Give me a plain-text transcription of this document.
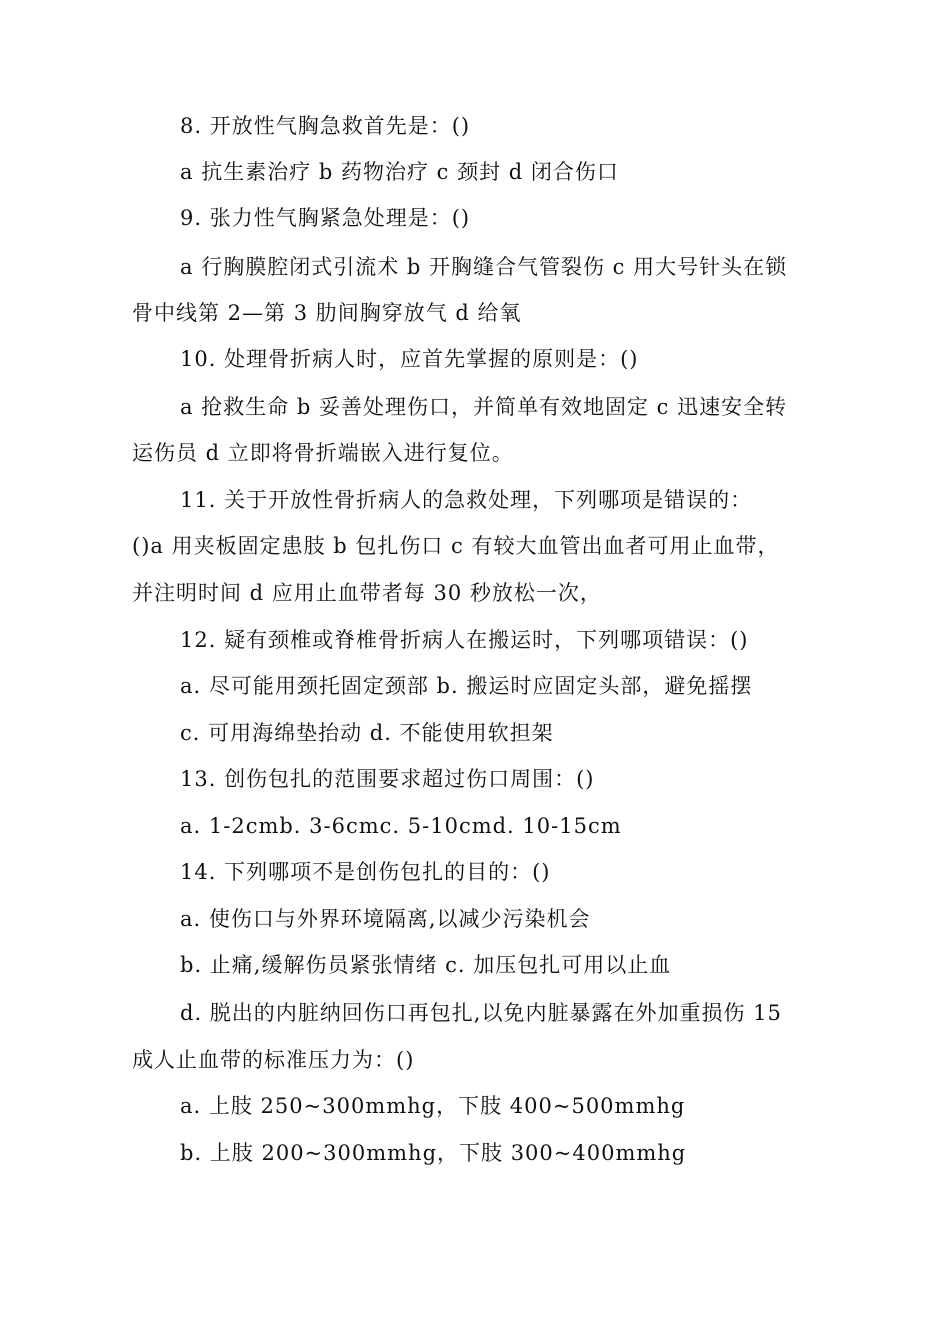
8. 开放性气胸急救首先是：()
a 抗生素治疗 b 药物治疗 c 颈封 d 闭合伤口
9. 张力性气胸紧急处理是：()
a 行胸膜腔闭式引流术 b 开胸缝合气管裂伤 c 用大号针头在锁
骨中线第 2—第 3 肋间胸穿放气 d 给氧
10. 处理骨折病人时，应首先掌握的原则是：()
a 抢救生命 b 妥善处理伤口，并简单有效地固定 c 迅速安全转
运伤员 d 立即将骨折端嵌入进行复位。
11. 关于开放性骨折病人的急救处理，下列哪项是错误的：
()a 用夹板固定患肢 b 包扎伤口 c 有较大血管出血者可用止血带，
并注明时间 d 应用止血带者每 30 秒放松一次，
12. 疑有颈椎或脊椎骨折病人在搬运时，下列哪项错误：()
a. 尽可能用颈托固定颈部 b. 搬运时应固定头部，避免摇摆
c. 可用海绵垫抬动 d. 不能使用软担架
13. 创伤包扎的范围要求超过伤口周围：()
a. 1-2cmb. 3-6cmc. 5-10cmd. 10-15cm
14. 下列哪项不是创伤包扎的目的：()
a. 使伤口与外界环境隔离,以减少污染机会
b. 止痛,缓解伤员紧张情绪 c. 加压包扎可用以止血
d. 脱出的内脏纳回伤口再包扎,以免内脏暴露在外加重损伤 15
成人止血带的标准压力为：()
a. 上肢 250~300mmhg，下肢 400~500mmhg
b. 上肢 200~300mmhg，下肢 300~400mmhg
